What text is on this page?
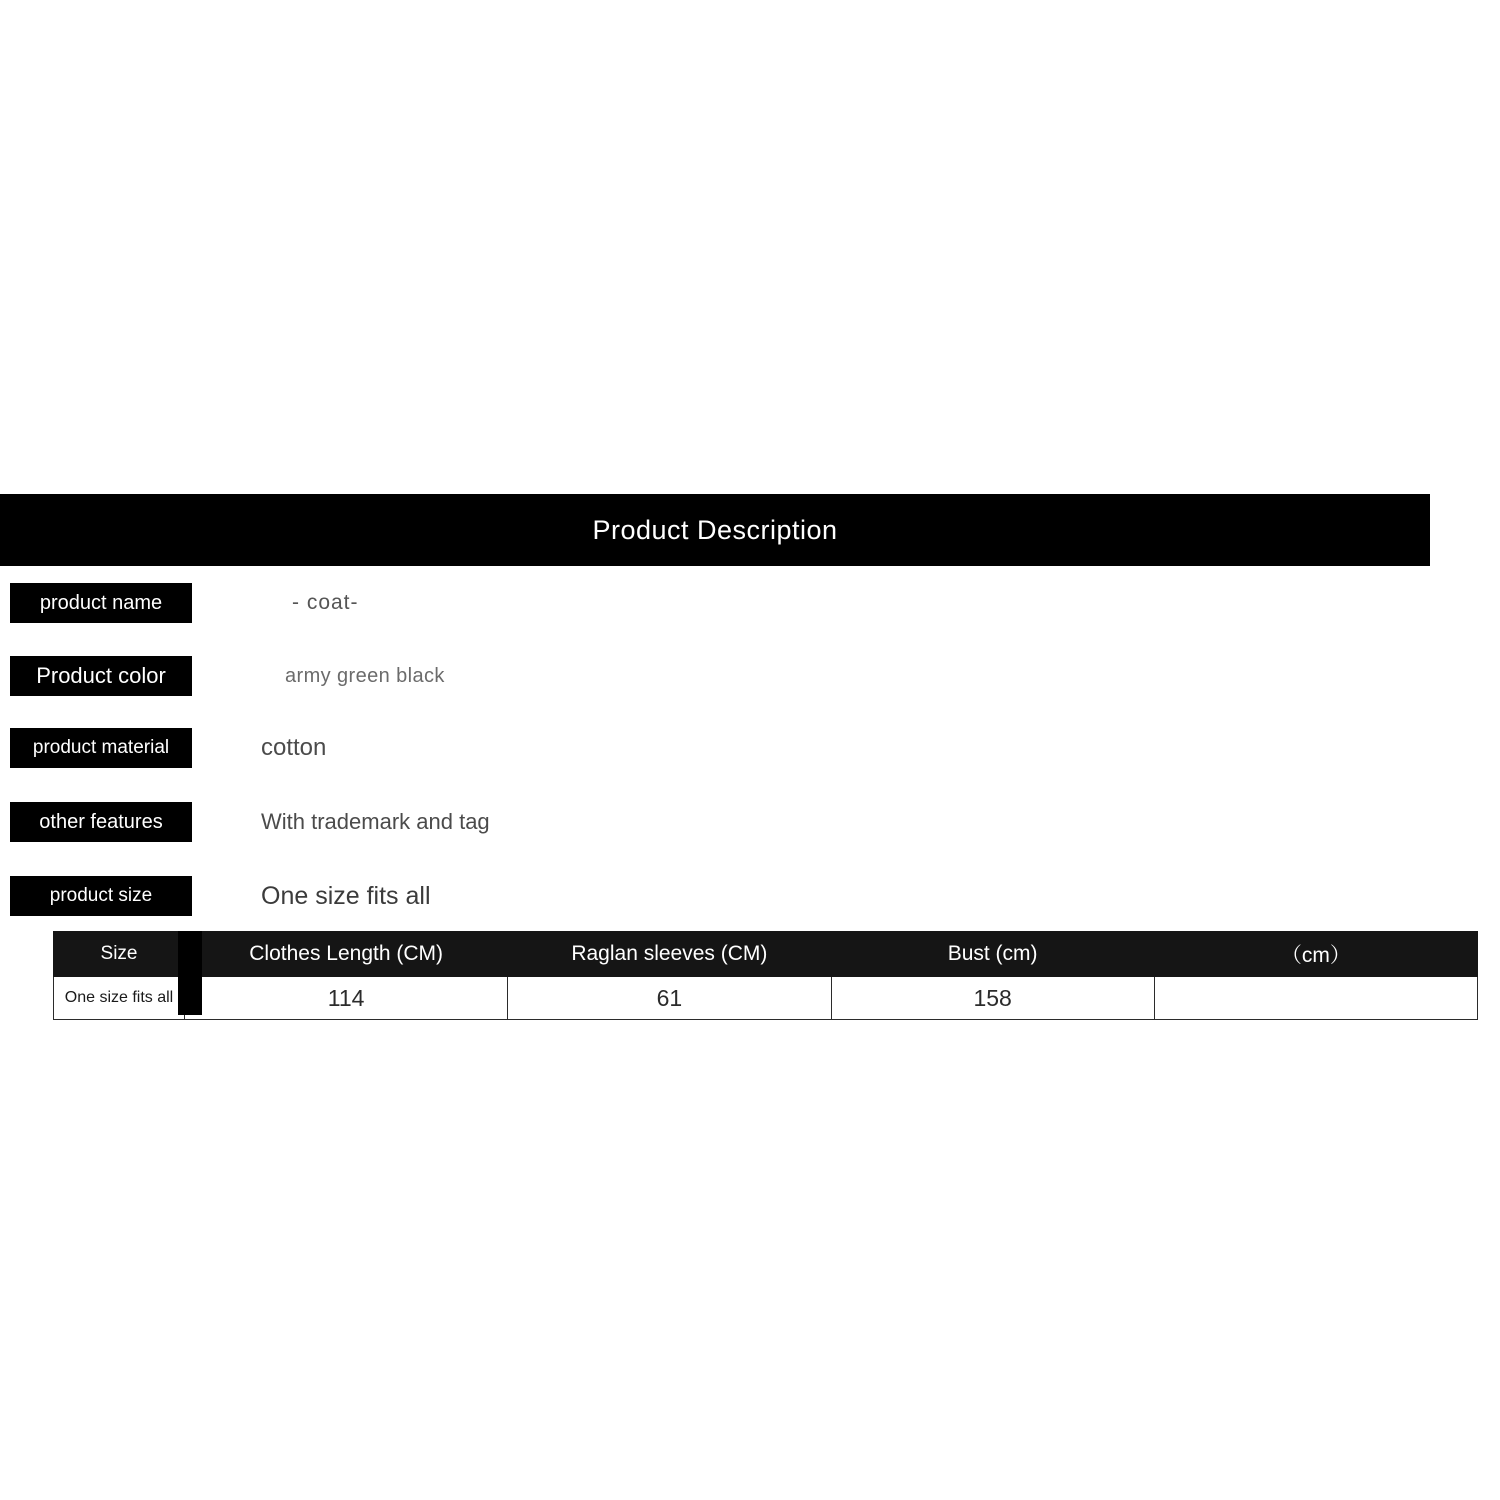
Product Description
product name	- coat-
Product color	army green black
product material	cotton
other features	With trademark and tag
product size	One size fits all
Size	Clothes Length (CM)	Raglan sleeves (CM)	Bust (cm)	（cm）
One size fits all	114	61	158	
